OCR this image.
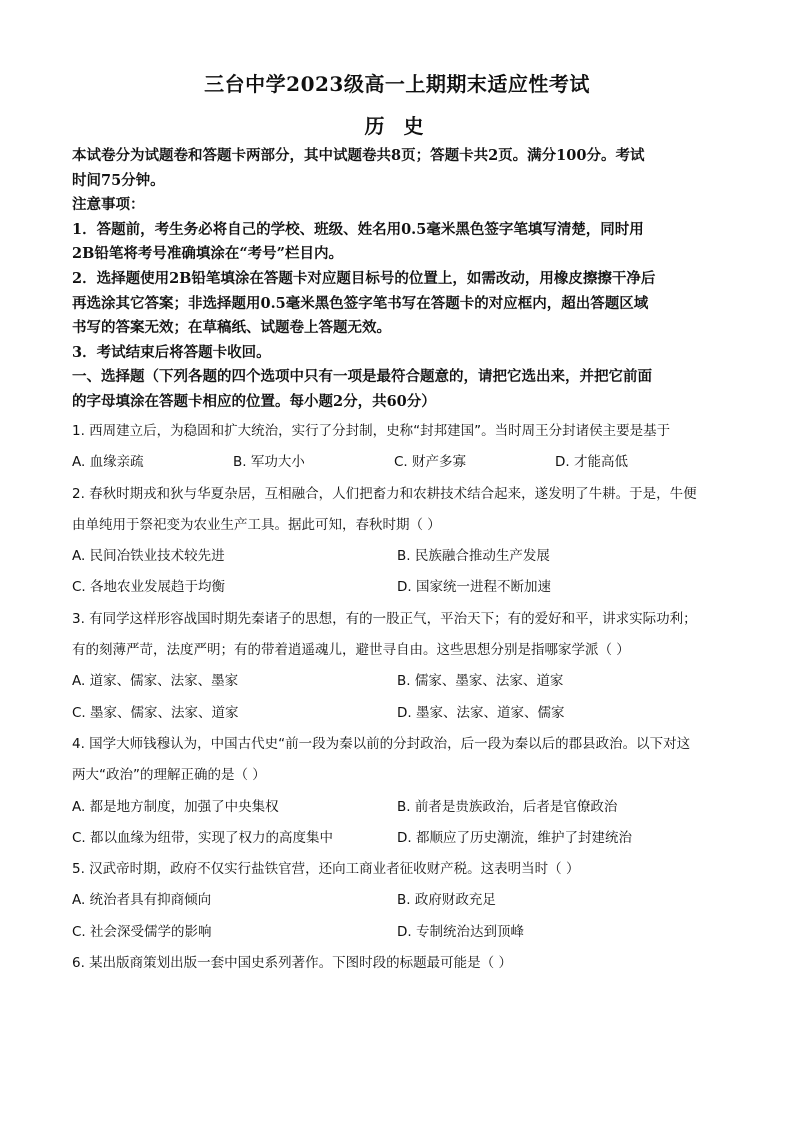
三台中学2023级高一上期期末适应性考试
历 史

本试卷分为试题卷和答题卡两部分，其中试题卷共8页；答题卡共2页。满分100分。考试

时间75分钟。

注意事项：

1．答题前，考生务必将自己的学校、班级、姓名用0.5毫米黑色签字笔填写清楚，同时用

2B铅笔将考号准确填涂在“考号”栏目内。

2．选择题使用2B铅笔填涂在答题卡对应题目标号的位置上，如需改动，用橡皮擦擦干净后

再选涂其它答案；非选择题用0.5毫米黑色签字笔书写在答题卡的对应框内，超出答题区域

书写的答案无效；在草稿纸、试题卷上答题无效。

3．考试结束后将答题卡收回。

一、选择题（下列各题的四个选项中只有一项是最符合题意的，请把它选出来，并把它前面

的字母填涂在答题卡相应的位置。每小题2分，共60分）

1. 西周建立后，为稳固和扩大统治，实行了分封制，史称“封邦建国”。当时周王分封诸侯主要是基于

A. 血缘亲疏	B. 军功大小	C. 财产多寡	D. 才能高低

2. 春秋时期戎和狄与华夏杂居，互相融合，人们把畜力和农耕技术结合起来，遂发明了牛耕。于是，牛便

由单纯用于祭祀变为农业生产工具。据此可知，春秋时期（ ）

A. 民间冶铁业技术较先进	B. 民族融合推动生产发展
C. 各地农业发展趋于均衡	D. 国家统一进程不断加速

3. 有同学这样形容战国时期先秦诸子的思想，有的一股正气，平治天下；有的爱好和平，讲求实际功利；

有的刻薄严苛，法度严明；有的带着逍遥魂儿，避世寻自由。这些思想分别是指哪家学派（ ）

A. 道家、儒家、法家、墨家	B. 儒家、墨家、法家、道家
C. 墨家、儒家、法家、道家	D. 墨家、法家、道家、儒家

4. 国学大师钱穆认为，中国古代史“前一段为秦以前的分封政治，后一段为秦以后的郡县政治。以下对这

两大“政治”的理解正确的是（ ）

A. 都是地方制度，加强了中央集权	B. 前者是贵族政治，后者是官僚政治
C. 都以血缘为纽带，实现了权力的高度集中	D. 都顺应了历史潮流，维护了封建统治

5. 汉武帝时期，政府不仅实行盐铁官营，还向工商业者征收财产税。这表明当时（ ）

A. 统治者具有抑商倾向	B. 政府财政充足
C. 社会深受儒学的影响	D. 专制统治达到顶峰

6. 某出版商策划出版一套中国史系列著作。下图时段的标题最可能是（ ）
